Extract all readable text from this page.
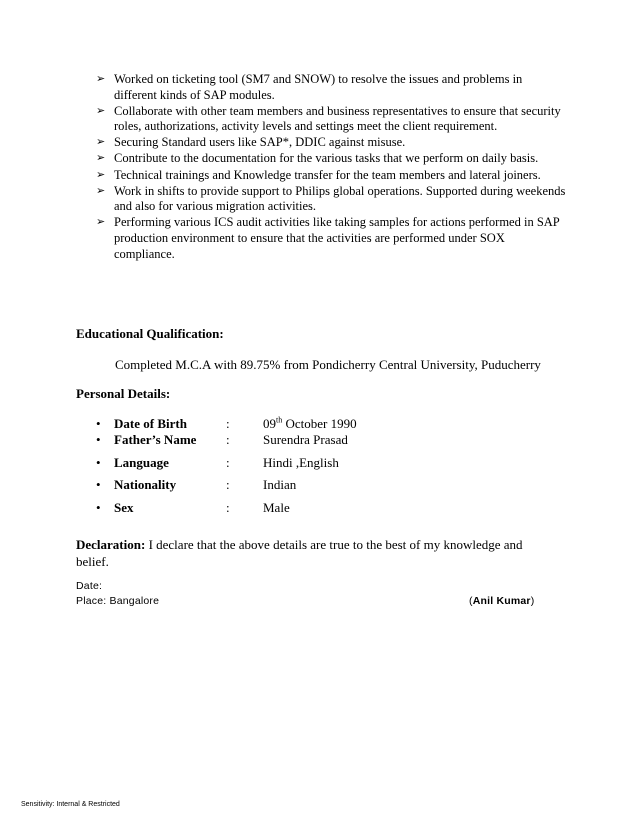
➢ Worked on ticketing tool (SM7 and SNOW) to resolve the issues and problems in different kinds of SAP modules.
➢ Collaborate with other team members and business representatives to ensure that security roles, authorizations, activity levels and settings meet the client requirement.
➢ Securing Standard users like SAP*, DDIC against misuse.
➢ Contribute to the documentation for the various tasks that we perform on daily basis.
➢ Technical trainings and Knowledge transfer for the team members and lateral joiners.
➢ Work in shifts to provide support to Philips global operations. Supported during weekends and also for various migration activities.
➢ Performing various ICS audit activities like taking samples for actions performed in SAP production environment to ensure that the activities are performed under SOX compliance.
Educational Qualification:
Completed M.C.A with 89.75% from Pondicherry Central University, Puducherry
Personal Details:
• Date of Birth	:	09th October 1990
• Father’s Name :	Surendra Prasad
• Language	:	Hindi ,English
• Nationality	:	Indian
• Sex	:	Male
Declaration: I declare that the above details are true to the best of my knowledge and belief.
Date:
Place: Bangalore	(Anil Kumar)
Sensitivity: Internal & Restricted
